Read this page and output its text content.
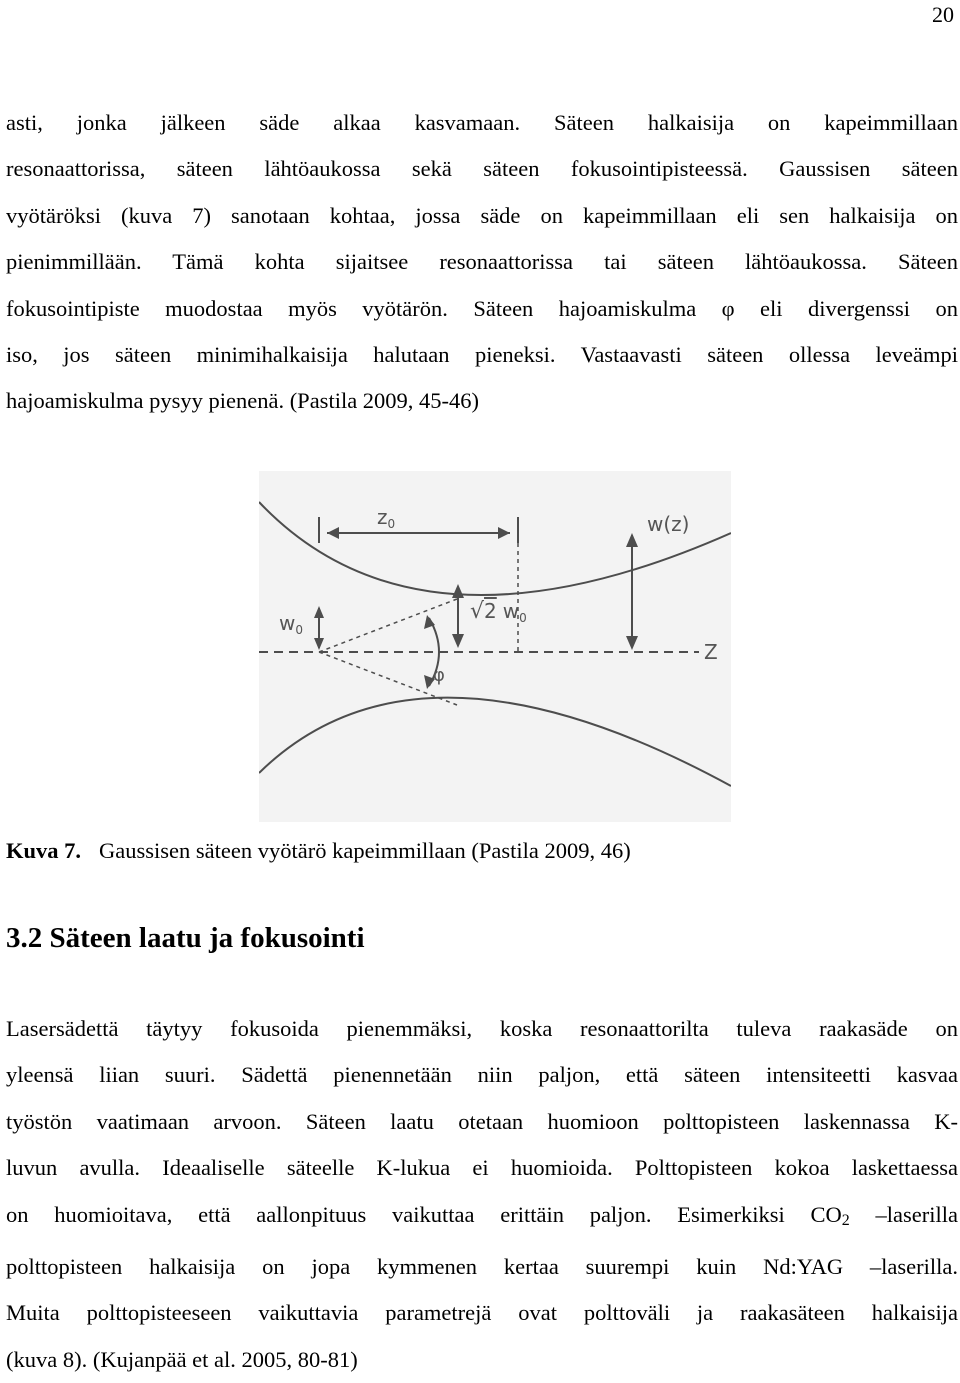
20

asti, jonka jälkeen säde alkaa kasvamaan. Säteen halkaisija on kapeimmillaan
resonaattorissa, säteen lähtöaukossa sekä säteen fokusointipisteessä. Gaussisen säteen
vyötäröksi (kuva 7) sanotaan kohtaa, jossa säde on kapeimmillaan eli sen halkaisija on
pienimmillään. Tämä kohta sijaitsee resonaattorissa tai säteen lähtöaukossa. Säteen
fokusointipiste muodostaa myös vyötärön. Säteen hajoamiskulma φ eli divergenssi on
iso, jos säteen minimihalkaisija halutaan pieneksi. Vastaavasti säteen ollessa leveämpi
hajoamiskulma pysyy pienenä. (Pastila 2009, 45-46)

$z_0$	w(z)
$w_0$
√2 $w_0$
Z
φ
Kuva 7. Gaussisen säteen vyötärö kapeimmillaan (Pastila 2009, 46)
3.2 Säteen laatu ja fokusointi

Lasersädettä täytyy fokusoida pienemmäksi, koska resonaattorilta tuleva raakasäde on
yleensä liian suuri. Sädettä pienennetään niin paljon, että säteen intensiteetti kasvaa
työstön vaatimaan arvoon. Säteen laatu otetaan huomioon polttopisteen laskennassa K-
luvun avulla. Ideaaliselle säteelle K-lukua ei huomioida. Polttopisteen kokoa laskettaessa
on huomioitava, että aallonpituus vaikuttaa erittäin paljon. Esimerkiksi CO2 –laserilla
polttopisteen halkaisija on jopa kymmenen kertaa suurempi kuin Nd:YAG –laserilla.
Muita polttopisteeseen vaikuttavia parametrejä ovat polttoväli ja raakasäteen halkaisija
(kuva 8). (Kujanpää et al. 2005, 80-81)
